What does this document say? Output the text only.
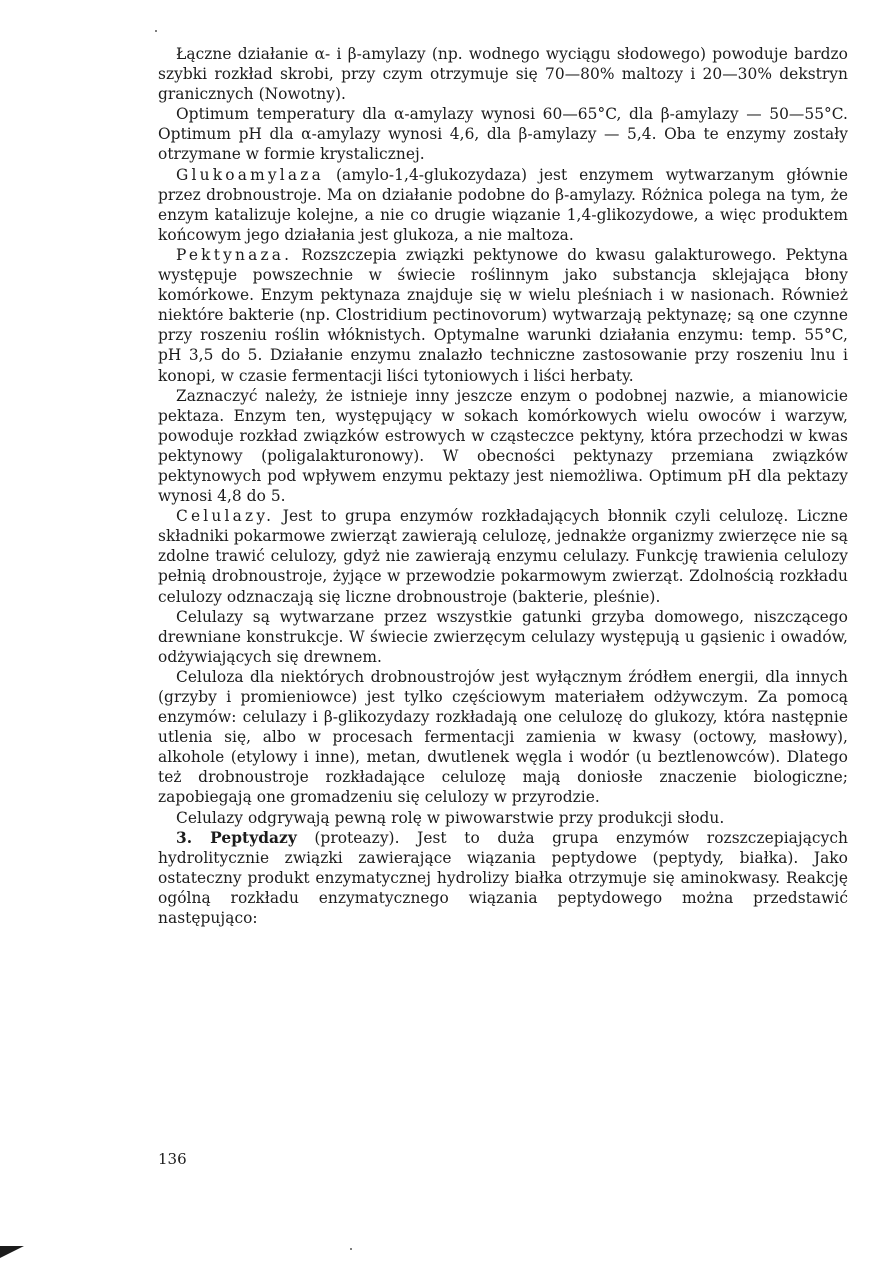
Łączne działanie α- i β-amylazy (np. wodnego wyciągu słodowego) powoduje bardzo szybki rozkład skrobi, przy czym otrzymuje się 70—80% maltozy i 20—30% dekstryn granicznych (Nowotny).

Optimum temperatury dla α-amylazy wynosi 60—65°C, dla β-amylazy — 50—55°C. Optimum pH dla α-amylazy wynosi 4,6, dla β-amylazy — 5,4. Oba te enzymy zostały otrzymane w formie krystalicznej.

Glukoamylaza (amylo-1,4-glukozydaza) jest enzymem wytwarzanym głównie przez drobnoustroje. Ma on działanie podobne do β-amylazy. Różnica polega na tym, że enzym katalizuje kolejne, a nie co drugie wiązanie 1,4-glikozydowe, a więc produktem końcowym jego działania jest glukoza, a nie maltoza.

Pektynaza. Rozszczepia związki pektynowe do kwasu galakturowego. Pektyna występuje powszechnie w świecie roślinnym jako substancja sklejająca błony komórkowe. Enzym pektynaza znajduje się w wielu pleśniach i w nasionach. Również niektóre bakterie (np. Clostridium pectinovorum) wytwarzają pektynazę; są one czynne przy roszeniu roślin włóknistych. Optymalne warunki działania enzymu: temp. 55°C, pH 3,5 do 5. Działanie enzymu znalazło techniczne zastosowanie przy roszeniu lnu i konopi, w czasie fermentacji liści tytoniowych i liści herbaty.

Zaznaczyć należy, że istnieje inny jeszcze enzym o podobnej nazwie, a mianowicie pektaza. Enzym ten, występujący w sokach komórkowych wielu owoców i warzyw, powoduje rozkład związków estrowych w cząsteczce pektyny, która przechodzi w kwas pektynowy (poligalakturonowy). W obecności pektynazy przemiana związków pektynowych pod wpływem enzymu pektazy jest niemożliwa. Optimum pH dla pektazy wynosi 4,8 do 5.

Celulazy. Jest to grupa enzymów rozkładających błonnik czyli celulozę. Liczne składniki pokarmowe zwierząt zawierają celulozę, jednakże organizmy zwierzęce nie są zdolne trawić celulozy, gdyż nie zawierają enzymu celulazy. Funkcję trawienia celulozy pełnią drobnoustroje, żyjące w przewodzie pokarmowym zwierząt. Zdolnością rozkładu celulozy odznaczają się liczne drobnoustroje (bakterie, pleśnie).

Celulazy są wytwarzane przez wszystkie gatunki grzyba domowego, niszczącego drewniane konstrukcje. W świecie zwierzęcym celulazy występują u gąsienic i owadów, odżywiających się drewnem.

Celuloza dla niektórych drobnoustrojów jest wyłącznym źródłem energii, dla innych (grzyby i promieniowce) jest tylko częściowym materiałem odżywczym. Za pomocą enzymów: celulazy i β-glikozydazy rozkładają one celulozę do glukozy, która następnie utlenia się, albo w procesach fermentacji zamienia w kwasy (octowy, masłowy), alkohole (etylowy i inne), metan, dwutlenek węgla i wodór (u beztlenowców). Dlatego też drobnoustroje rozkładające celulozę mają doniosłe znaczenie biologiczne; zapobiegają one gromadzeniu się celulozy w przyrodzie.

Celulazy odgrywają pewną rolę w piwowarstwie przy produkcji słodu.

3. Peptydazy (proteazy). Jest to duża grupa enzymów rozszczepiających hydrolitycznie związki zawierające wiązania peptydowe (peptydy, białka). Jako ostateczny produkt enzymatycznej hydrolizy białka otrzymuje się aminokwasy. Reakcję ogólną rozkładu enzymatycznego wiązania peptydowego można przedstawić następująco:

136
